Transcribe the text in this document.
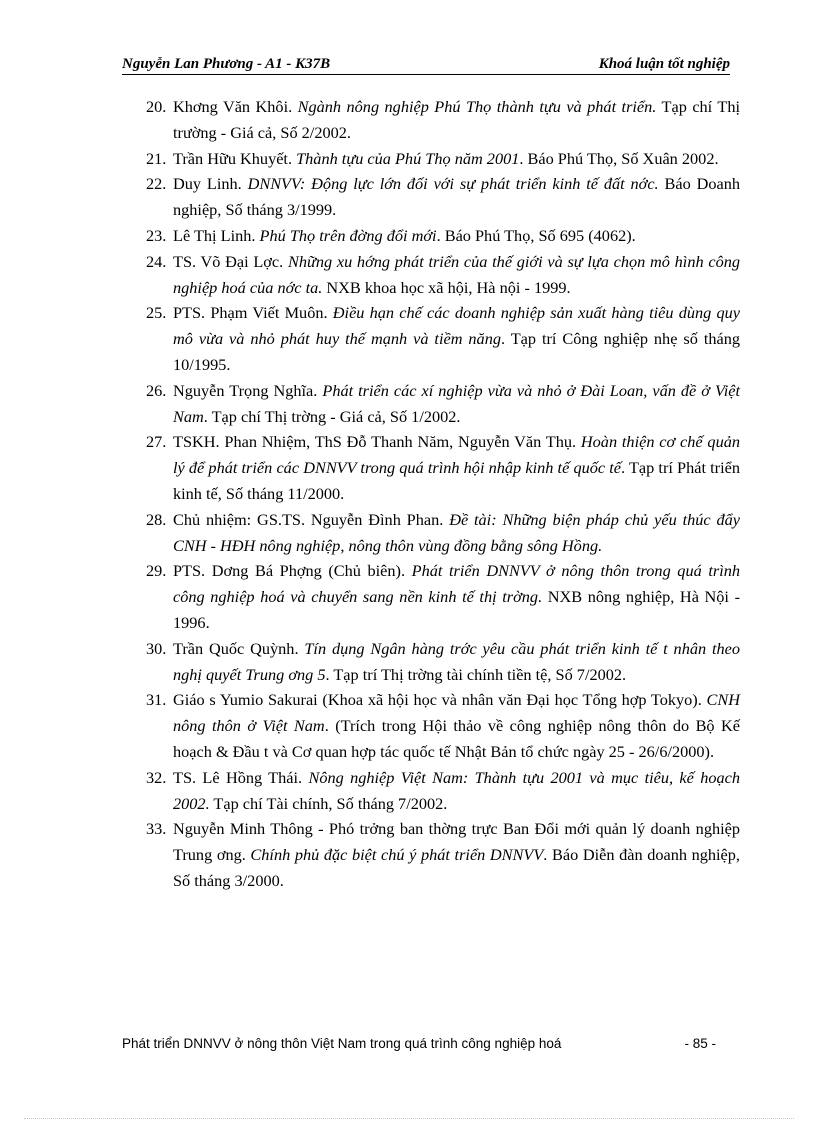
Nguyễn Lan Phương - A1 - K37B	Khoá luận tốt nghiệp
20. Khơng Văn Khôi. Ngành nông nghiệp Phú Thọ thành tựu và phát triển. Tạp chí Thị trường - Giá cả, Số 2/2002.
21. Trần Hữu Khuyết. Thành tựu của Phú Thọ năm 2001. Báo Phú Thọ, Số Xuân 2002.
22. Duy Linh. DNNVV: Động lực lớn đối với sự phát triển kinh tế đất nớc. Báo Doanh nghiệp, Số tháng 3/1999.
23. Lê Thị Linh. Phú Thọ trên đờng đổi mới. Báo Phú Thọ, Số 695 (4062).
24. TS. Võ Đại Lợc. Những xu hớng phát triển của thế giới và sự lựa chọn mô hình công nghiệp hoá của nớc ta. NXB khoa học xã hội, Hà nội - 1999.
25. PTS. Phạm Viết Muôn. Điều hạn chế các doanh nghiệp sản xuất hàng tiêu dùng quy mô vừa và nhỏ phát huy thế mạnh và tiềm năng. Tạp trí Công nghiệp nhẹ số tháng 10/1995.
26. Nguyễn Trọng Nghĩa. Phát triển các xí nghiệp vừa và nhỏ ở Đài Loan, vấn đề ở Việt Nam. Tạp chí Thị trờng - Giá cả, Số 1/2002.
27. TSKH. Phan Nhiệm, ThS Đỗ Thanh Năm, Nguyễn Văn Thụ. Hoàn thiện cơ chế quản lý để phát triển các DNNVV trong quá trình hội nhập kinh tế quốc tế. Tạp trí Phát triển kinh tế, Số tháng 11/2000.
28. Chủ nhiệm: GS.TS. Nguyễn Đình Phan. Đề tài: Những biện pháp chủ yếu thúc đẩy CNH - HĐH nông nghiệp, nông thôn vùng đồng bằng sông Hồng.
29. PTS. Dơng Bá Phợng (Chủ biên). Phát triển DNNVV ở nông thôn trong quá trình công nghiệp hoá và chuyển sang nền kinh tế thị trờng. NXB nông nghiệp, Hà Nội - 1996.
30. Trần Quốc Quỳnh. Tín dụng Ngân hàng trớc yêu cầu phát triển kinh tế t nhân theo nghị quyết Trung ơng 5. Tạp trí Thị trờng tài chính tiền tệ, Số 7/2002.
31. Giáo s Yumio Sakurai (Khoa xã hội học và nhân văn Đại học Tổng hợp Tokyo). CNH nông thôn ở Việt Nam. (Trích trong Hội thảo về công nghiệp nông thôn do Bộ Kế hoạch & Đầu t và Cơ quan hợp tác quốc tế Nhật Bản tổ chức ngày 25 - 26/6/2000).
32. TS. Lê Hồng Thái. Nông nghiệp Việt Nam: Thành tựu 2001 và mục tiêu, kế hoạch 2002. Tạp chí Tài chính, Số tháng 7/2002.
33. Nguyễn Minh Thông - Phó trởng ban thờng trực Ban Đổi mới quản lý doanh nghiệp Trung ơng. Chính phủ đặc biệt chú ý phát triển DNNVV. Báo Diễn đàn doanh nghiệp, Số tháng 3/2000.
Phát triển DNNVV ở nông thôn Việt Nam trong quá trình công nghiệp hoá	- 85 -
